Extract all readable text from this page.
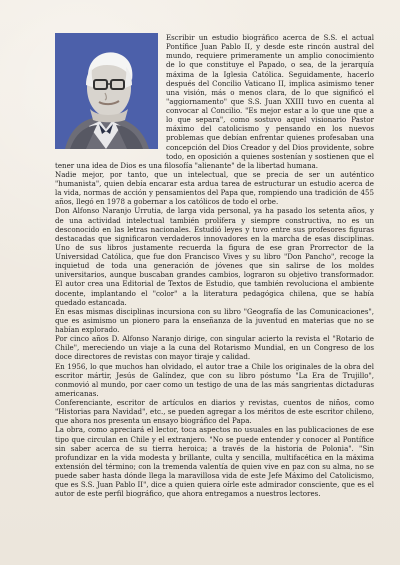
Escribir un estudio biográfico acerca de S.S. el actual Pontífice Juan Pablo II, y desde este rincón austral del mundo, requiere primeramente un amplio conocimiento de lo que constituye el Papado, o sea, de la jerarquía máxima de la Iglesia Católica. Seguidamente, hacerlo después del Concilio Vaticano II, implica asimismo tener una visión, más o menos clara, de lo que significó el "aggiornamento" que S.S. Juan XXIII tuvo en cuenta al convocar al Concilio. "Es mejor estar a lo que une que a lo que separa", como sostuvo aquel visionario Pastor máximo del catolicismo y pensando en los nuevos problemas que debían enfrentar quienes profesaban una concepción del Dios Creador y del Dios providente, sobre todo, en oposición a quienes sostenían y sostienen que el tener una idea de Dios es una filosofía "alienante" de la libertad humana.

Nadie mejor, por tanto, que un intelectual, que se precia de ser un auténtico "humanista", quien debía encarar esta ardua tarea de estructurar un estudio acerca de la vida, normas de acción y pensamientos del Papa que, rompiendo una tradición de 455 años, llegó en 1978 a gobernar a los católicos de todo el orbe.

Don Alfonso Naranjo Urrutia, de larga vida personal, ya ha pasado los setenta años, y de una actividad intelectual también prolífera y siempre constructiva, no es un desconocido en las letras nacionales. Estudió leyes y tuvo entre sus profesores figuras destacadas que significaron verdaderos innovadores en la marcha de esas disciplinas. Uno de sus libros justamente recuerda la figura de ese gran Prorrector de la Universidad Católica, que fue don Francisco Vives y su libro "Don Pancho", recoge la inquietud de toda una generación de jóvenes que sin salirse de los moldes universitarios, aunque buscaban grandes cambios, lograron su objetivo transformador. El autor crea una Editorial de Textos de Estudio, que también revoluciona el ambiente docente, implantando el "color" a la literatura pedagógica chilena, que se había quedado estancada.

En esas mismas disciplinas incursiona con su libro "Geografía de las Comunicaciones", que es asimismo un pionero para la enseñanza de la juventud en materias que no se habían explorado.

Por cinco años D. Alfonso Naranjo dirige, con singular acierto la revista el "Rotario de Chile", mereciendo un viaje a la cuna del Rotarismo Mundial, en un Congreso de los doce directores de revistas con mayor tiraje y calidad.

En 1956, lo que muchos han olvidado, el autor trae a Chile los originales de la obra del escritor mártir, Jesús de Galíndez, que con su libro póstumo "La Era de Trujillo", conmovió al mundo, por caer como un testigo de una de las más sangrientas dictaduras americanas.

Conferenciante, escritor de artículos en diarios y revistas, cuentos de niños, como "Historias para Navidad", etc., se pueden agregar a los méritos de este escritor chileno, que ahora nos presenta un ensayo biográfico del Papa.

La obra, como apreciará el lector, toca aspectos no usuales en las publicaciones de ese tipo que circulan en Chile y el extranjero. "No se puede entender y conocer al Pontífice sin saber acerca de su tierra heroica; a través de la historia de Polonia". "Sin profundizar en la vida modesta y brillante, culta y sencilla, multifacética en la máxima extensión del término; con la tremenda valentía de quien vive en paz con su alma, no se puede saber hasta dónde llega la maravillosa vida de este Jefe Máximo del Catolicismo, que es S.S. Juan Pablo II", dice a quien quiera oírle este admirador consciente, que es el autor de este perfil biográfico, que ahora entregamos a nuestros lectores.
